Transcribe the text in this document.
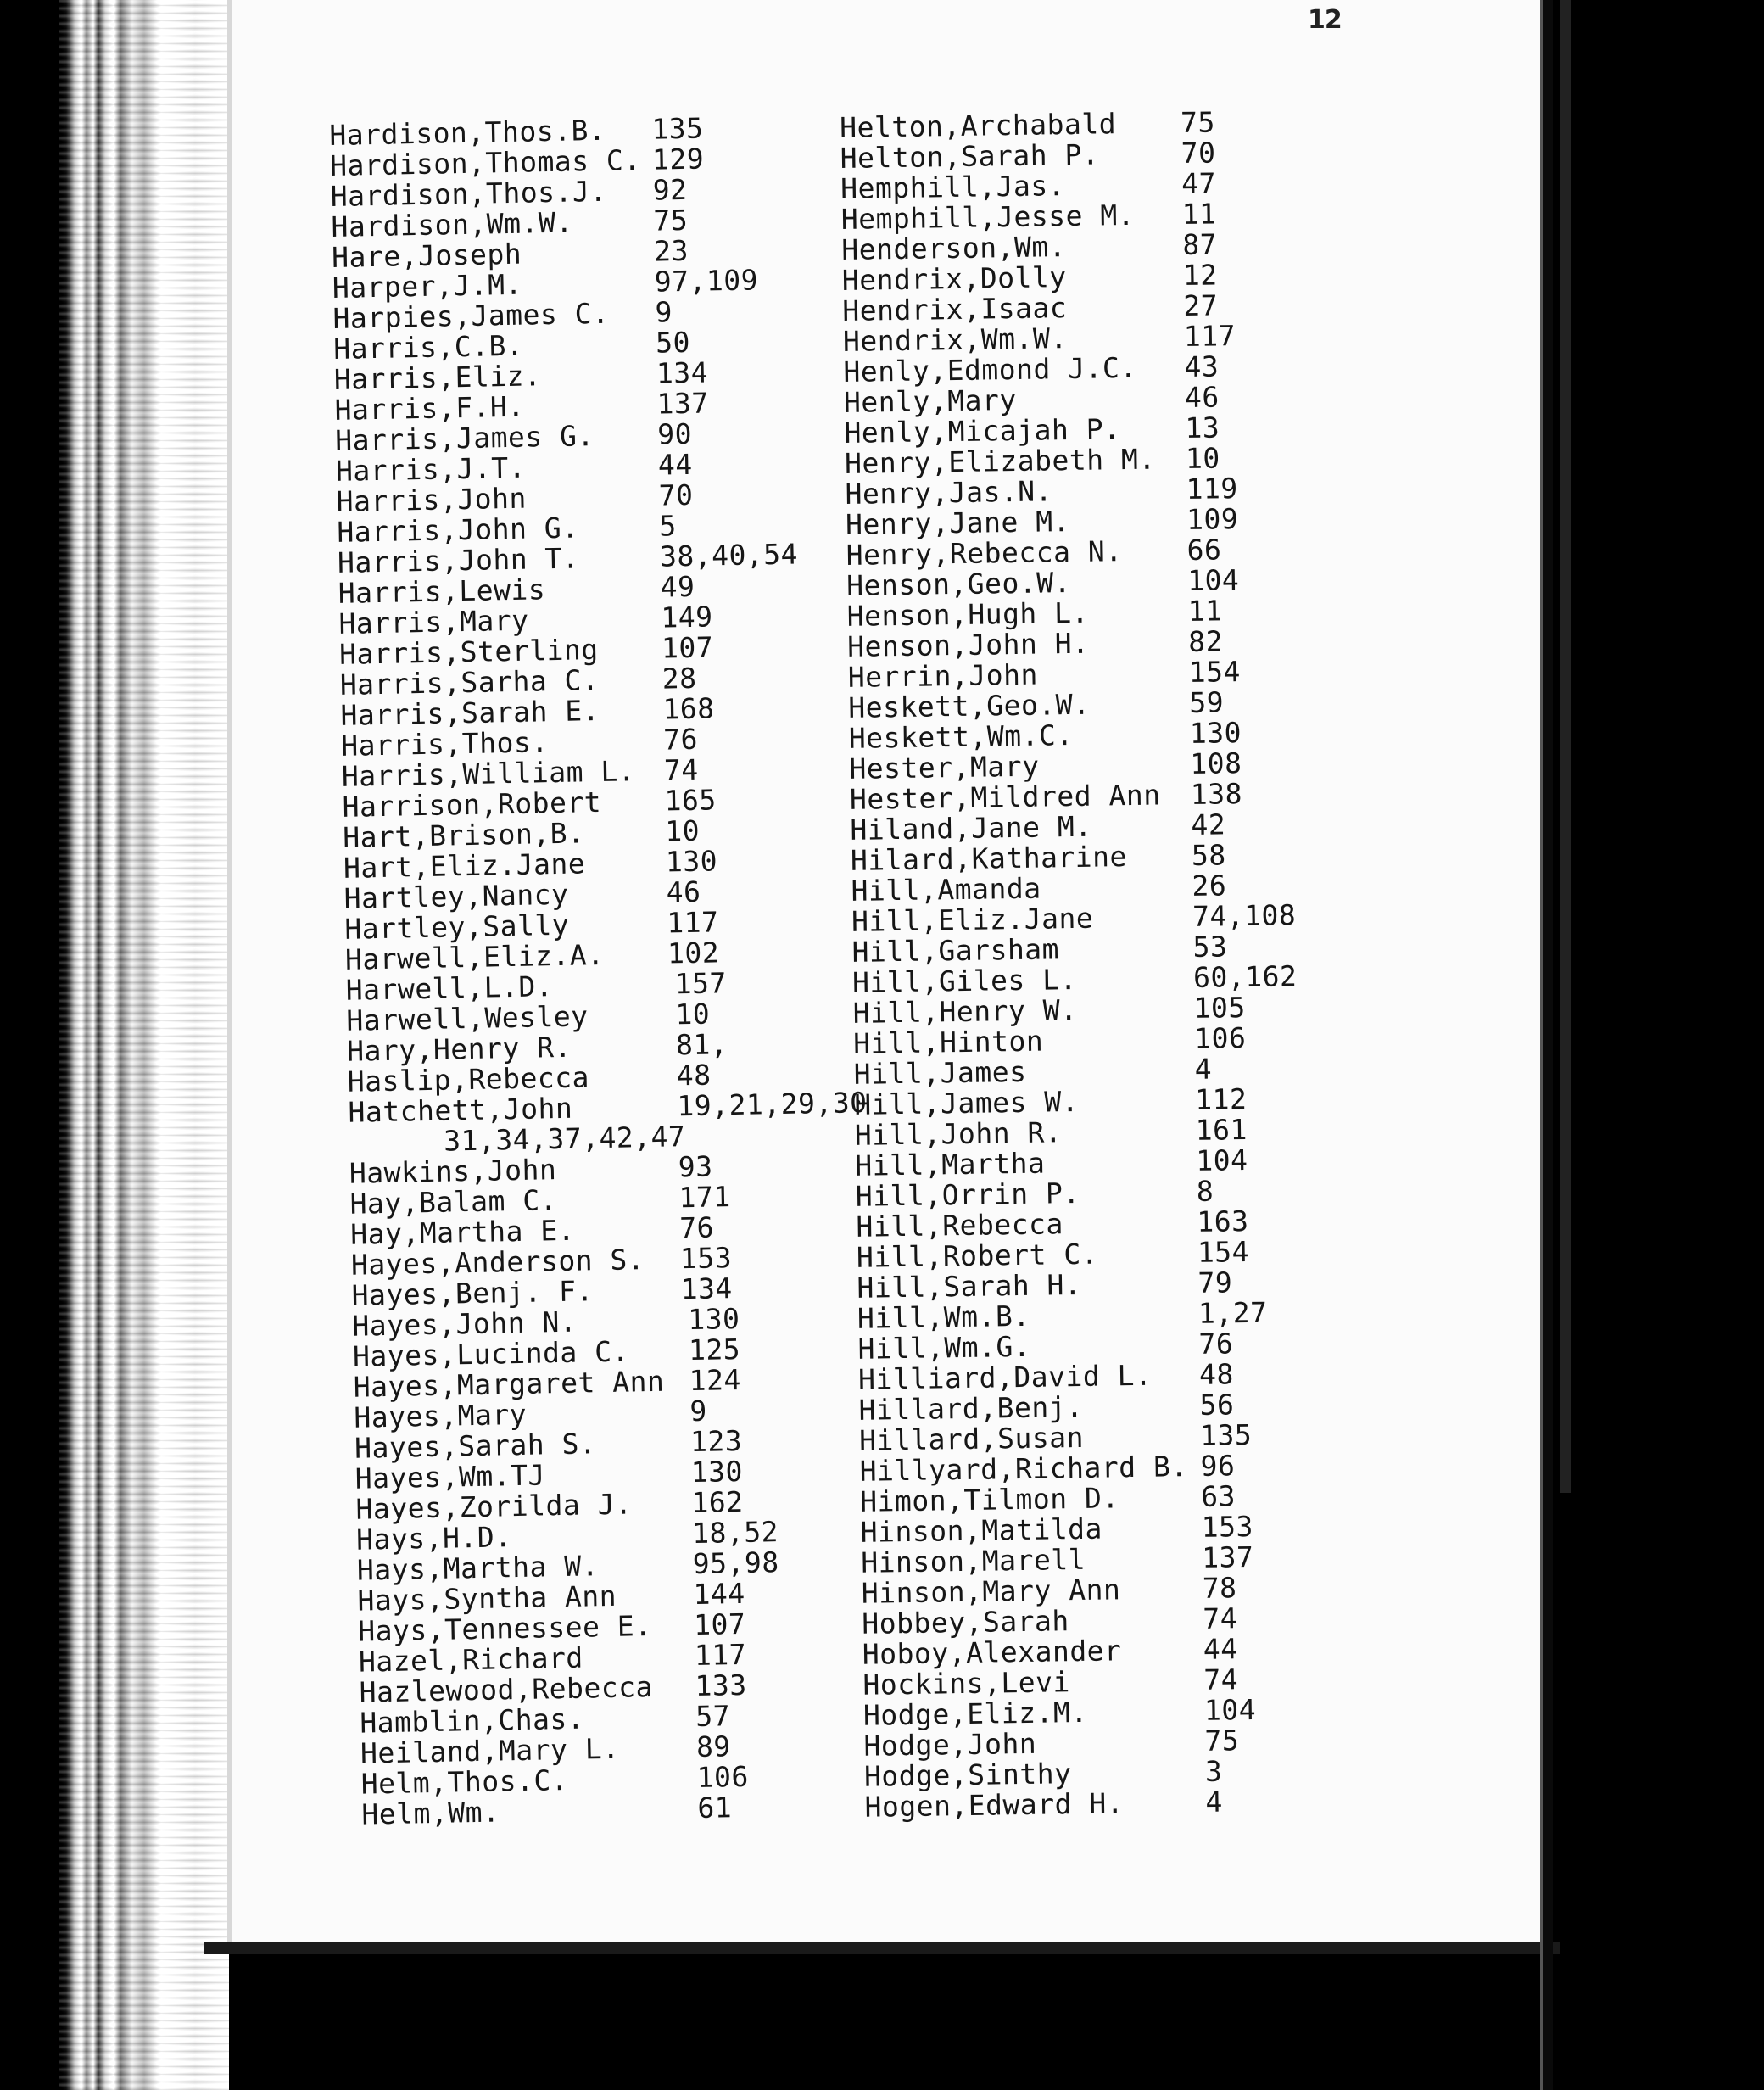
12
Hardison,Thos.B. 135
Hardison,Thomas C. 129
Hardison,Thos.J. 92
Hardison,Wm.W.	75
Hare,Joseph	23
Harper,J.M.	97,109
Harpies,James C. 9
Harris,C.B.	50
Harris,Eliz.	134
Harris,F.H.	137
Harris,James G. 90
Harris,J.T.	44
Harris,John	70
Harris,John G.	5
Harris,John T.	38,40,54
Harris,Lewis	49
Harris,Mary	149
Harris,Sterling 107
Harris,Sarha C. 28
Harris,Sarah E. 168
Harris,Thos.	76
Harris,William L. 74
Harrison,Robert 165
Hart,Brison,B.	10
Hart,Eliz.Jane	130
Hartley,Nancy	46
Hartley,Sally	117
Harwell,Eliz.A. 102
Harwell,L.D.	157
Harwell,Wesley	10
Hary,Henry R.	81,
Haslip,Rebecca	48
Hatchett,John	19,21,29,30
31,34,37,42,47
Hawkins,John	93
Hay,Balam C.	171
Hay,Martha E.	76
Hayes,Anderson S. 153
Hayes,Benj. F.	134
Hayes,John N.	130
Hayes,Lucinda C. 125
Hayes,Margaret Ann 124
Hayes,Mary	9
Hayes,Sarah S.	123
Hayes,Wm.TJ	130
Hayes,Zorilda J. 162
Hays,H.D.	18,52
Hays,Martha W.	95,98
Hays,Syntha Ann	144
Hays,Tennessee E. 107
Hazel,Richard	117
Hazlewood,Rebecca 133
Hamblin,Chas.	57
Heiland,Mary L.	89
Helm,Thos.C.	106
Helm,Wm.	61
Helton,Archabald 75
Helton,Sarah P.	70
Hemphill,Jas.	47
Hemphill,Jesse M. 11
Henderson,Wm.	87
Hendrix,Dolly	12
Hendrix,Isaac	27
Hendrix,Wm.W.	117
Henly,Edmond J.C. 43
Henly,Mary	46
Henly,Micajah P. 13
Henry,Elizabeth M. 10
Henry,Jas.N.	119
Henry,Jane M.	109
Henry,Rebecca N. 66
Henson,Geo.W.	104
Henson,Hugh L.	11
Henson,John H.	82
Herrin,John	154
Heskett,Geo.W.	59
Heskett,Wm.C.	130
Hester,Mary	108
Hester,Mildred Ann 138
Hiland,Jane M.	42
Hilard,Katharine 58
Hill,Amanda	26
Hill,Eliz.Jane	74,108
Hill,Garsham	53
Hill,Giles L.	60,162
Hill,Henry W.	105
Hill,Hinton	106
Hill,James	4
Hill,James W.	112
Hill,John R.	161
Hill,Martha	104
Hill,Orrin P.	8
Hill,Rebecca	163
Hill,Robert C.	154
Hill,Sarah H.	79
Hill,Wm.B.	1,27
Hill,Wm.G.	76
Hilliard,David L. 48
Hillard,Benj.	56
Hillard,Susan	135
Hillyard,Richard B. 96
Himon,Tilmon D.	63
Hinson,Matilda	153
Hinson,Marell	137
Hinson,Mary Ann	78
Hobbey,Sarah	74
Hoboy,Alexander	44
Hockins,Levi	74
Hodge,Eliz.M.	104
Hodge,John	75
Hodge,Sinthy	3
Hogen,Edward H.	4
